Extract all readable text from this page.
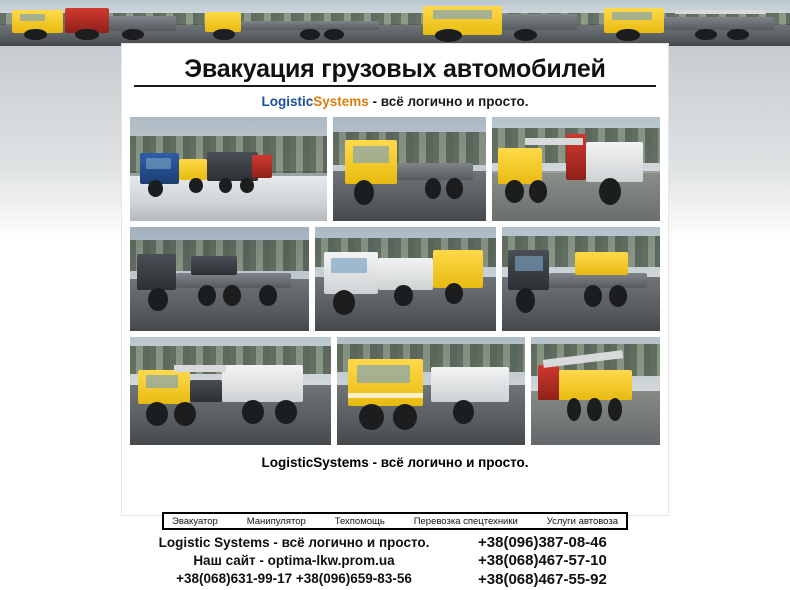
Эвакуация грузовых автомобилей
LogisticSystems - всё логично и просто.
LogisticSystems - всё логично и просто.
Эвакуатор	Манипулятор	Техпомощь	Перевозка спецтехники	Услуги автовоза
Logistic Systems - всё логично и просто.
Наш сайт - optima-lkw.prom.ua
+38(068)631-99-17 +38(096)659-83-56
+38(096)387-08-46
+38(068)467-57-10
+38(068)467-55-92
